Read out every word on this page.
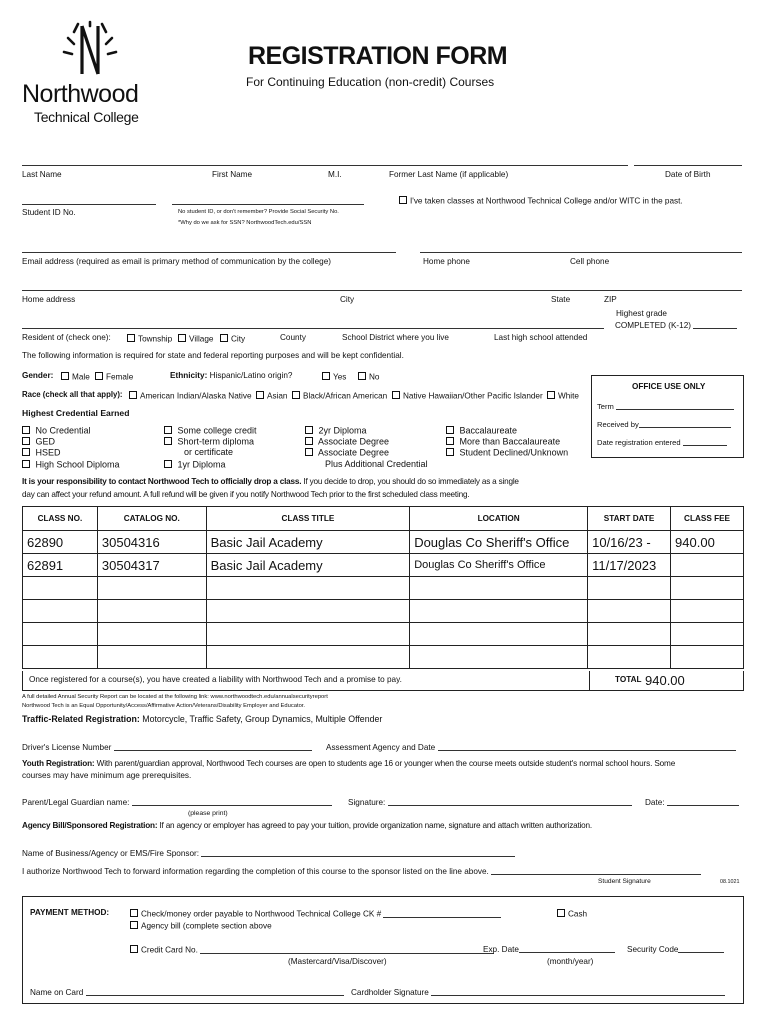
Northwood
Technical College
REGISTRATION FORM
For Continuing Education (non-credit) Courses
Last Name	First Name	M.I.	Former Last Name (if applicable)	Date of Birth
Student ID No.	No student ID, or don't remember? Provide Social Security No.
*Why do we ask for SSN? NorthwoodTech.edu/SSN
I've taken classes at Northwood Technical College and/or WITC in the past.
Email address (required as email is primary method of communication by the college)	Home phone	Cell phone
Home address	City	State	ZIP
Highest grade
COMPLETED (K-12)
Resident of (check one):	Township	Village	City	County	School District where you live	Last high school attended
The following information is required for state and federal reporting purposes and will be kept confidential.
Gender:	Male	Female	Ethnicity: Hispanic/Latino origin?	Yes	No
Race (check all that apply):	American Indian/Alaska Native	Asian	Black/African American	Native Hawaiian/Other Pacific Islander	White
OFFICE USE ONLY
Term
Received by
Date registration entered
Highest Credential Earned
No Credential
GED
HSED
High School Diploma
Some college credit
Short-term diploma
or certificate
1yr Diploma
2yr Diploma
Associate Degree
Associate Degree
Plus Additional Credential
Baccalaureate
More than Baccalaureate
Student Declined/Unknown
It is your responsibility to contact Northwood Tech to officially drop a class. If you decide to drop, you should do so immediately as a single
day can affect your refund amount. A full refund will be given if you notify Northwood Tech prior to the first scheduled class meeting.
CLASS NO.	CATALOG NO.	CLASS TITLE	LOCATION	START DATE	CLASS FEE
62890	30504316	Basic Jail Academy	Douglas Co Sheriff's Office	10/16/23 -	940.00
62891	30504317	Basic Jail Academy	Douglas Co Sheriff's Office	11/17/2023	

Once registered for a course(s), you have created a liability with Northwood Tech and a promise to pay.	TOTAL 940.00
A full detailed Annual Security Report can be located at the following link: www.northwoodtech.edu/annualsecurityreport
Northwood Tech is an Equal Opportunity/Access/Affirmative Action/Veterans/Disability Employer and Educator.
Traffic-Related Registration: Motorcycle, Traffic Safety, Group Dynamics, Multiple Offender
Driver's License Number	Assessment Agency and Date
Youth Registration: With parent/guardian approval, Northwood Tech courses are open to students age 16 or younger when the course meets outside student's normal school hours. Some
courses may have minimum age prerequisites.
Parent/Legal Guardian name:	Signature:	Date:
(please print)
Agency Bill/Sponsored Registration: If an agency or employer has agreed to pay your tuition, provide organization name, signature and attach written authorization.
Name of Business/Agency or EMS/Fire Sponsor:
I authorize Northwood Tech to forward information regarding the completion of this course to the sponsor listed on the line above.
Student Signature	08.1021
PAYMENT METHOD:	Check/money order payable to Northwood Technical College CK #	Cash
Agency bill (complete section above
Credit Card No.	Exp. Date	Security Code
(Mastercard/Visa/Discover)	(month/year)
Name on Card	Cardholder Signature
